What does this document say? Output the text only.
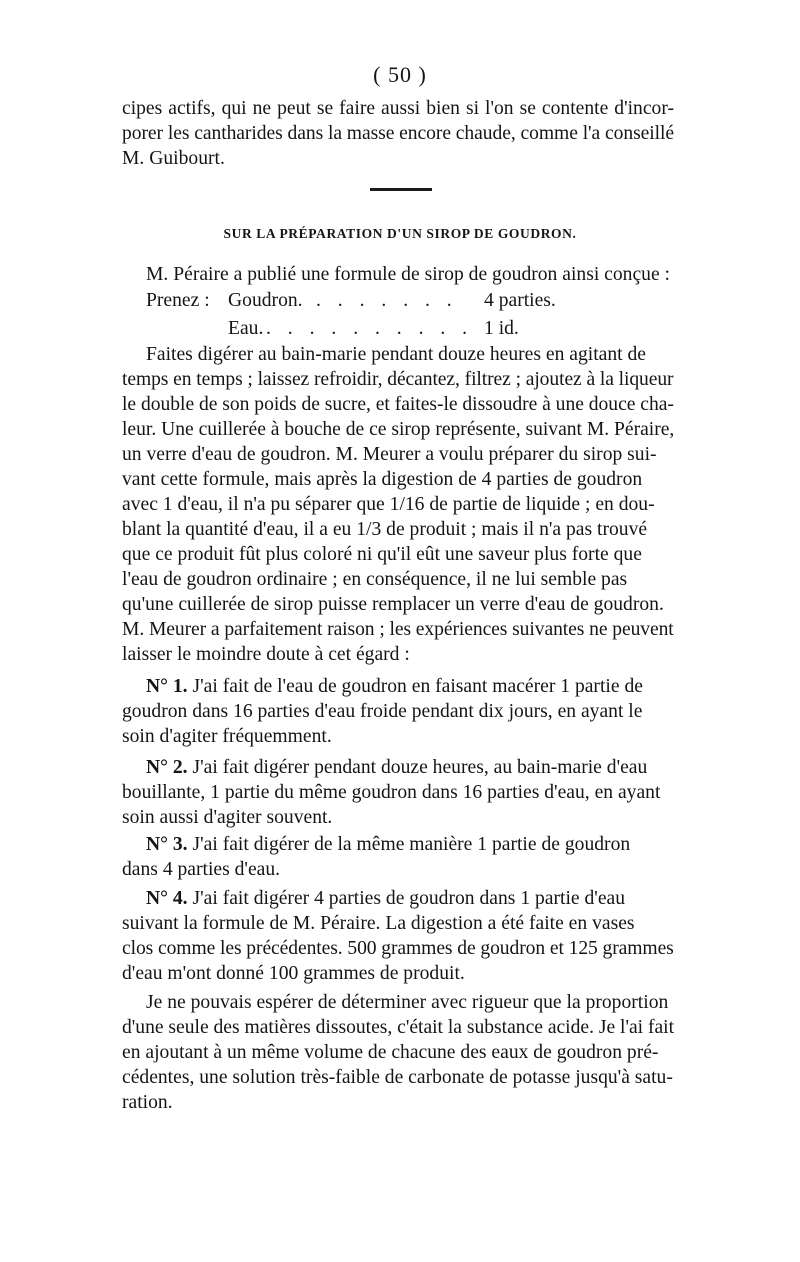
( 50 )
cipes actifs, qui ne peut se faire aussi bien si l'on se contente d'incor-
porer les cantharides dans la masse encore chaude, comme l'a conseillé
M. Guibourt.
SUR LA PRÉPARATION D'UN SIROP DE GOUDRON.
M. Péraire a publié une formule de sirop de goudron ainsi conçue :
Prenez : Goudron. . . . . . . . 4 parties.
Eau. . . . . . . . . . . 1 id.
Faites digérer au bain-marie pendant douze heures en agitant de
temps en temps ; laissez refroidir, décantez, filtrez ; ajoutez à la liqueur
le double de son poids de sucre, et faites-le dissoudre à une douce cha-
leur. Une cuillerée à bouche de ce sirop représente, suivant M. Péraire,
un verre d'eau de goudron. M. Meurer a voulu préparer du sirop sui-
vant cette formule, mais après la digestion de 4 parties de goudron
avec 1 d'eau, il n'a pu séparer que 1/16 de partie de liquide ; en dou-
blant la quantité d'eau, il a eu 1/3 de produit ; mais il n'a pas trouvé
que ce produit fût plus coloré ni qu'il eût une saveur plus forte que
l'eau de goudron ordinaire ; en conséquence, il ne lui semble pas
qu'une cuillerée de sirop puisse remplacer un verre d'eau de goudron.
M. Meurer a parfaitement raison ; les expériences suivantes ne peuvent
laisser le moindre doute à cet égard :
N° 1. J'ai fait de l'eau de goudron en faisant macérer 1 partie de
goudron dans 16 parties d'eau froide pendant dix jours, en ayant le
soin d'agiter fréquemment.
N° 2. J'ai fait digérer pendant douze heures, au bain-marie d'eau
bouillante, 1 partie du même goudron dans 16 parties d'eau, en ayant
soin aussi d'agiter souvent.
N° 3. J'ai fait digérer de la même manière 1 partie de goudron
dans 4 parties d'eau.
N° 4. J'ai fait digérer 4 parties de goudron dans 1 partie d'eau
suivant la formule de M. Péraire. La digestion a été faite en vases
clos comme les précédentes. 500 grammes de goudron et 125 grammes
d'eau m'ont donné 100 grammes de produit.
Je ne pouvais espérer de déterminer avec rigueur que la proportion
d'une seule des matières dissoutes, c'était la substance acide. Je l'ai fait
en ajoutant à un même volume de chacune des eaux de goudron pré-
cédentes, une solution très-faible de carbonate de potasse jusqu'à satu-
ration.
